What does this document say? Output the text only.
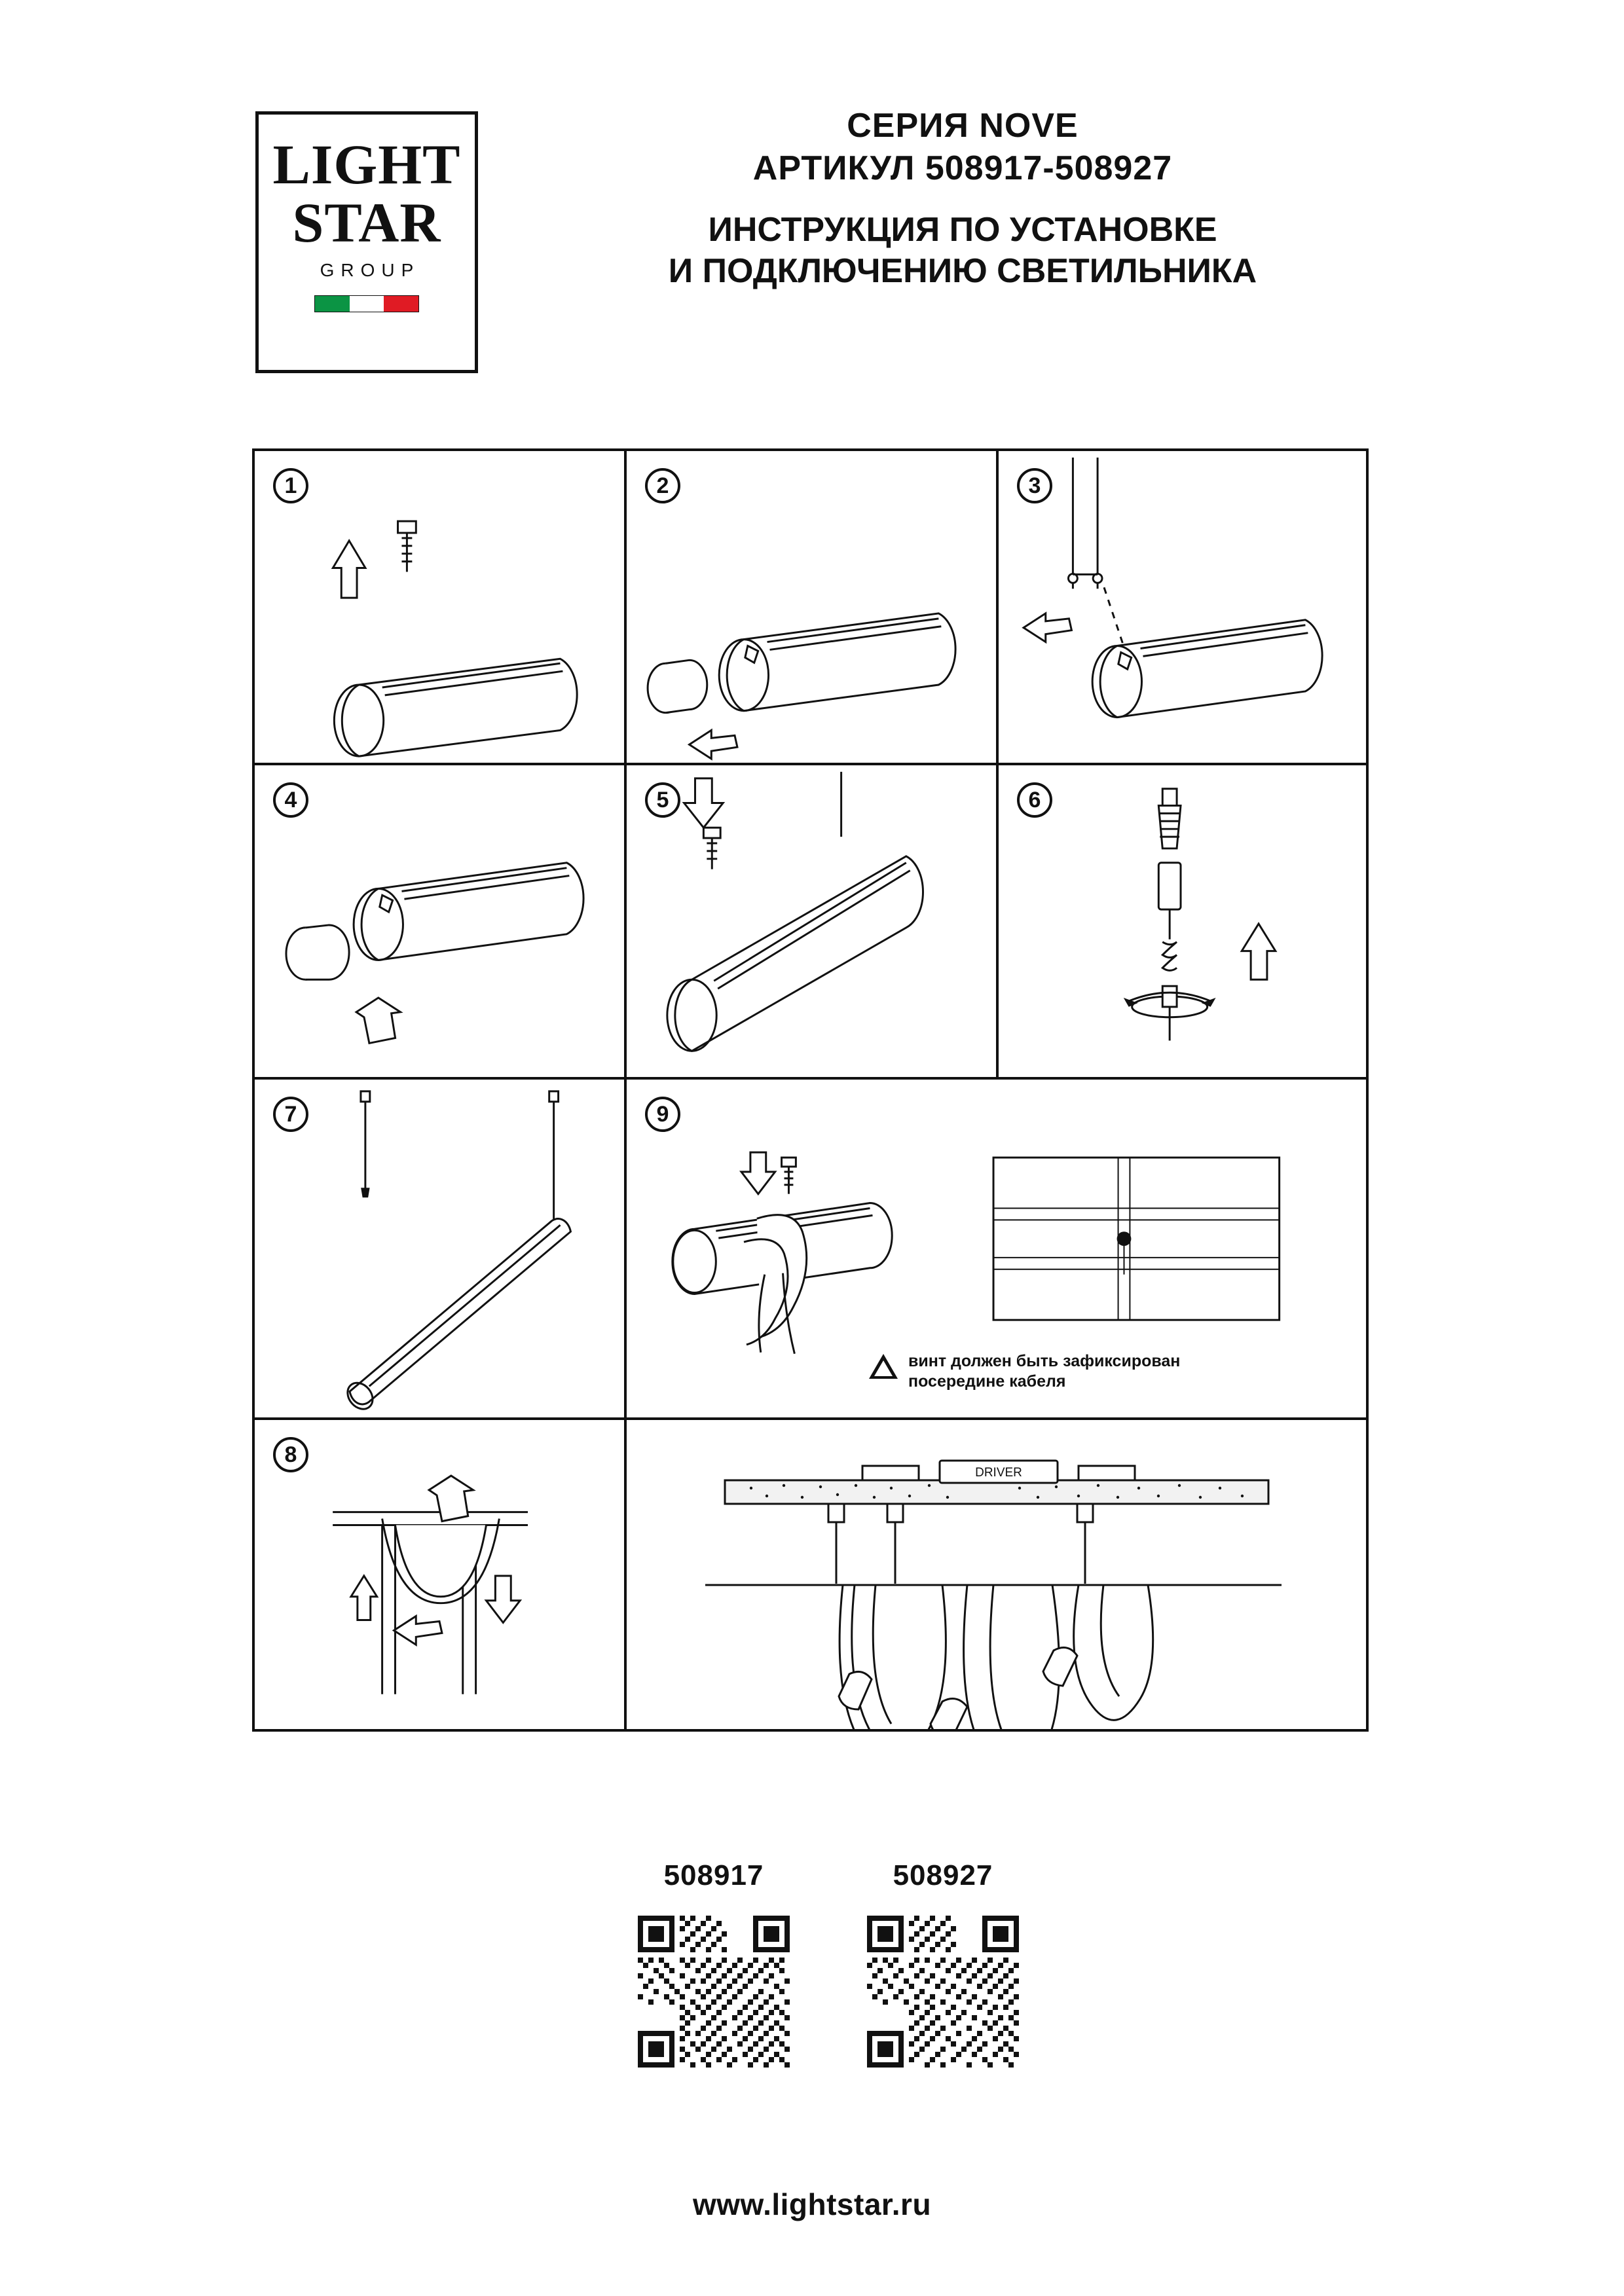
LIGHT
STAR
GROUP
СЕРИЯ NOVE
АРТИКУЛ 508917-508927
ИНСТРУКЦИЯ ПО УСТАНОВКЕ
И ПОДКЛЮЧЕНИЮ СВЕТИЛЬНИКА
1	2	3
4	5	6
7	9
винт должен быть зафиксирован
посередине кабеля
8
DRIVER
508917	508927
www.lightstar.ru
